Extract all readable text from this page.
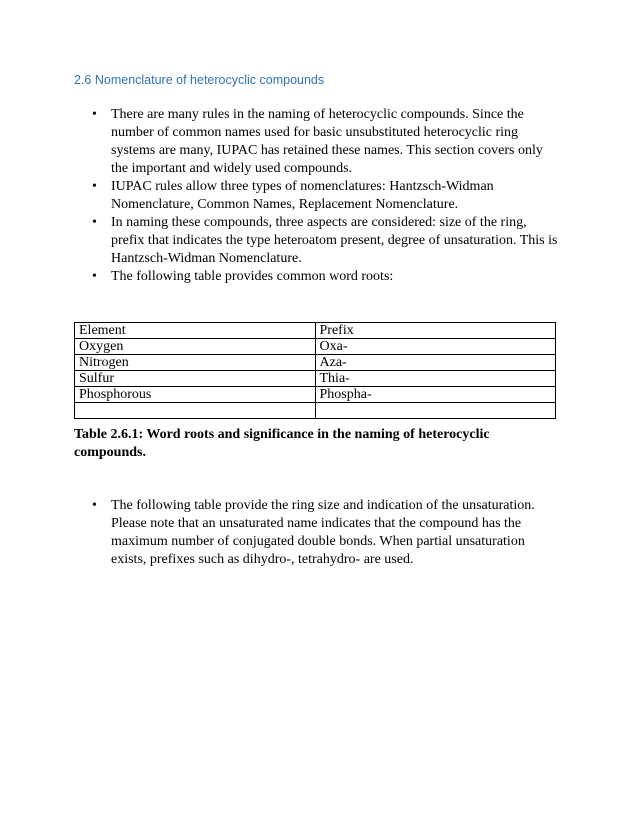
2.6 Nomenclature of heterocyclic compounds

•	There are many rules in the naming of heterocyclic compounds. Since the number of common names used for basic unsubstituted heterocyclic ring systems are many, IUPAC has retained these names. This section covers only the important and widely used compounds.
•	IUPAC rules allow three types of nomenclatures: Hantzsch-Widman Nomenclature, Common Names, Replacement Nomenclature.
•	In naming these compounds, three aspects are considered: size of the ring, prefix that indicates the type heteroatom present, degree of unsaturation. This is Hantzsch-Widman Nomenclature.
•	The following table provides common word roots:
Element	Prefix
Oxygen	Oxa-
Nitrogen	Aza-
Sulfur	Thia-
Phosphorous	Phospha-

Table 2.6.1: Word roots and significance in the naming of heterocyclic compounds.

•	The following table provide the ring size and indication of the unsaturation. Please note that an unsaturated name indicates that the compound has the maximum number of conjugated double bonds. When partial unsaturation exists, prefixes such as dihydro-, tetrahydro- are used.
